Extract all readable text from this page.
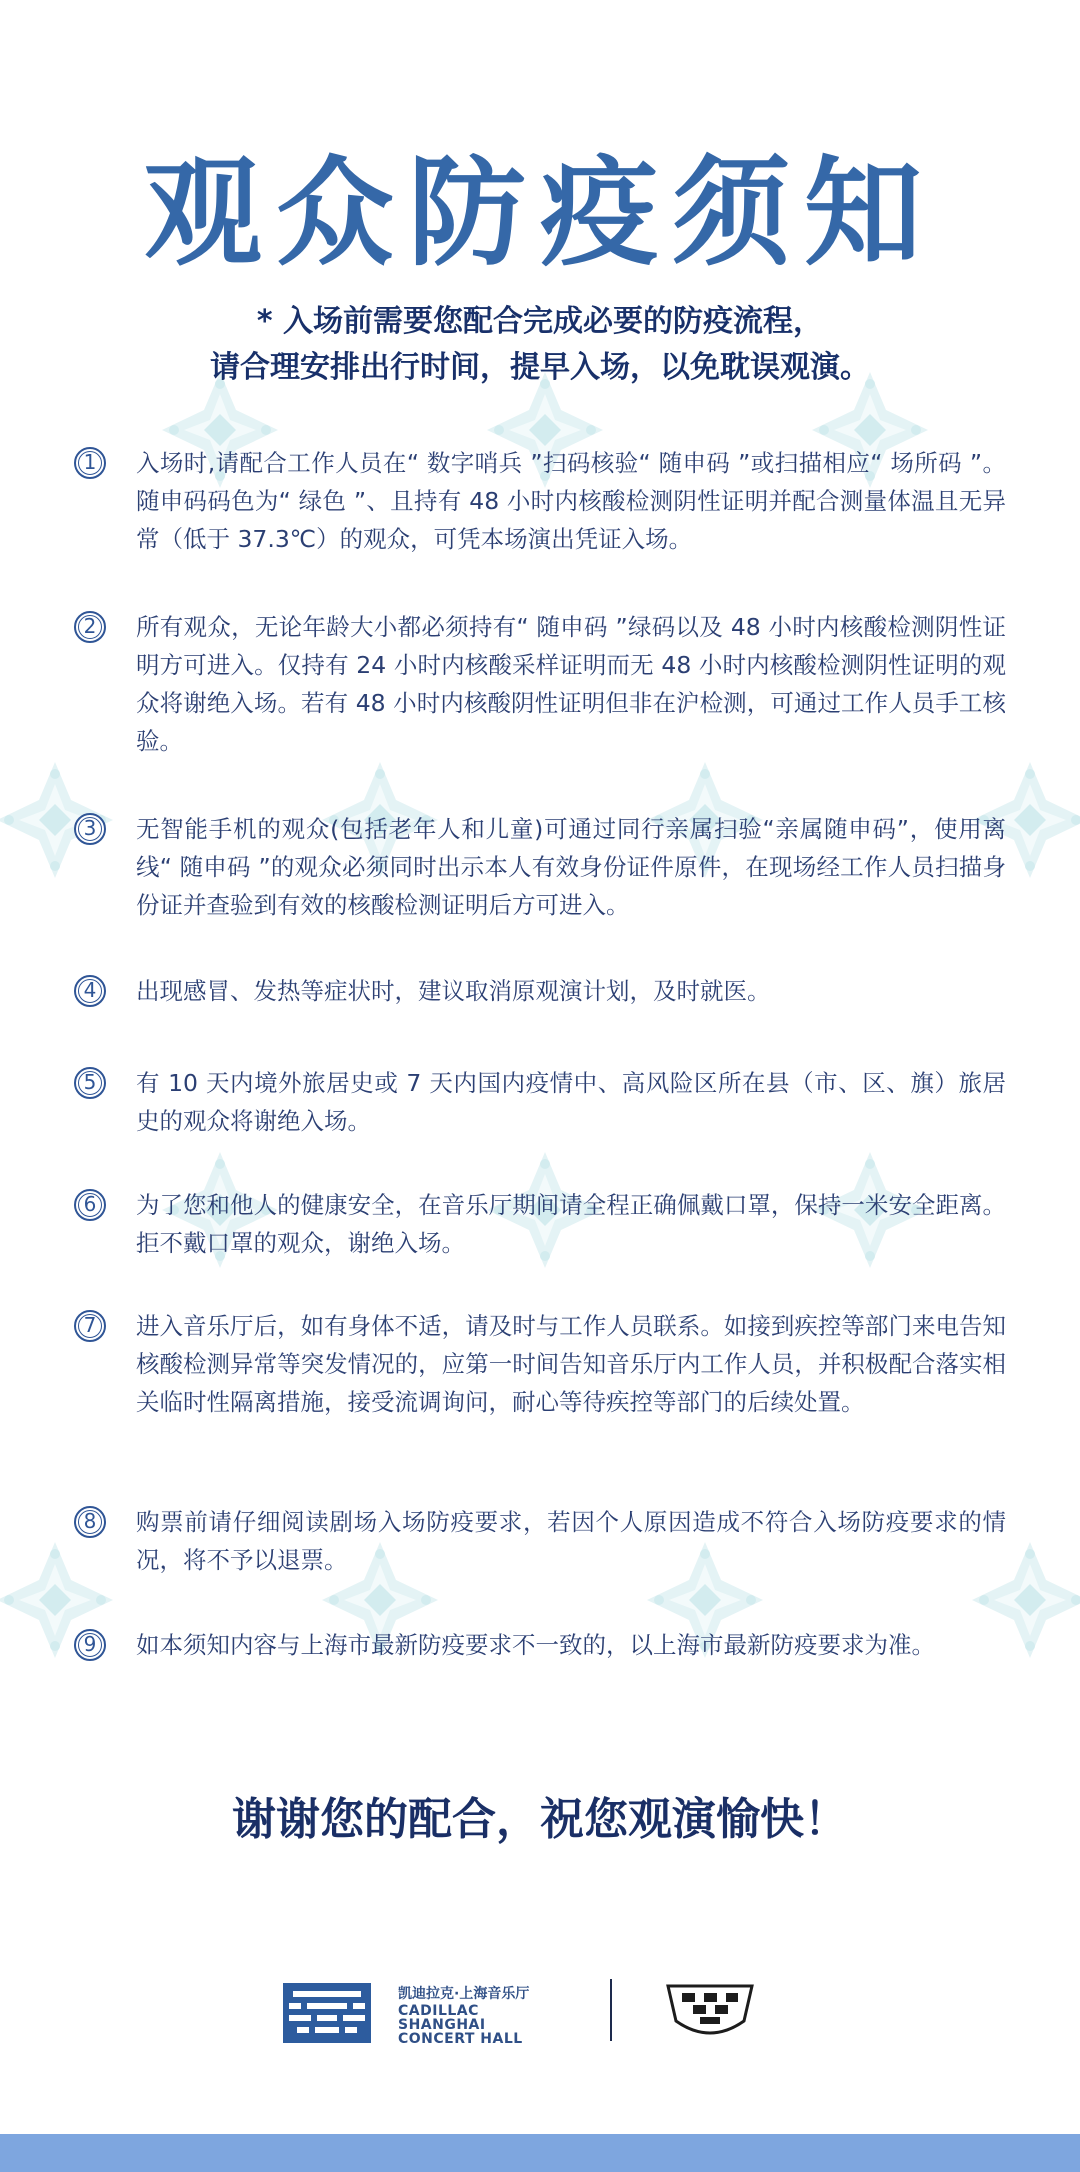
观众防疫须知
* 入场前需要您配合完成必要的防疫流程，
请合理安排出行时间，提早入场，以免耽误观演。
1	入场时,请配合工作人员在“ 数字哨兵 ”扫码核验“ 随申码 ”或扫描相应“ 场所码 ”。随申码码色为“ 绿色 ”、且持有 48 小时内核酸检测阴性证明并配合测量体温且无异常（低于 37.3℃）的观众，可凭本场演出凭证入场。
2	所有观众，无论年龄大小都必须持有“ 随申码 ”绿码以及 48 小时内核酸检测阴性证明方可进入。仅持有 24 小时内核酸采样证明而无 48 小时内核酸检测阴性证明的观众将谢绝入场。若有 48 小时内核酸阴性证明但非在沪检测，可通过工作人员手工核验。
3	无智能手机的观众(包括老年人和儿童)可通过同行亲属扫验“亲属随申码”，使用离线“ 随申码 ”的观众必须同时出示本人有效身份证件原件，在现场经工作人员扫描身份证并查验到有效的核酸检测证明后方可进入。
4	出现感冒、发热等症状时，建议取消原观演计划，及时就医。
5	有 10 天内境外旅居史或 7 天内国内疫情中、高风险区所在县（市、区、旗）旅居史的观众将谢绝入场。
6	为了您和他人的健康安全，在音乐厅期间请全程正确佩戴口罩，保持一米安全距离。拒不戴口罩的观众，谢绝入场。
7	进入音乐厅后，如有身体不适，请及时与工作人员联系。如接到疾控等部门来电告知核酸检测异常等突发情况的，应第一时间告知音乐厅内工作人员，并积极配合落实相关临时性隔离措施，接受流调询问，耐心等待疾控等部门的后续处置。
8	购票前请仔细阅读剧场入场防疫要求，若因个人原因造成不符合入场防疫要求的情况，将不予以退票。
9	如本须知内容与上海市最新防疫要求不一致的，以上海市最新防疫要求为准。
谢谢您的配合，祝您观演愉快！
凯迪拉克·上海音乐厅
CADILLAC
SHANGHAI
CONCERT HALL
